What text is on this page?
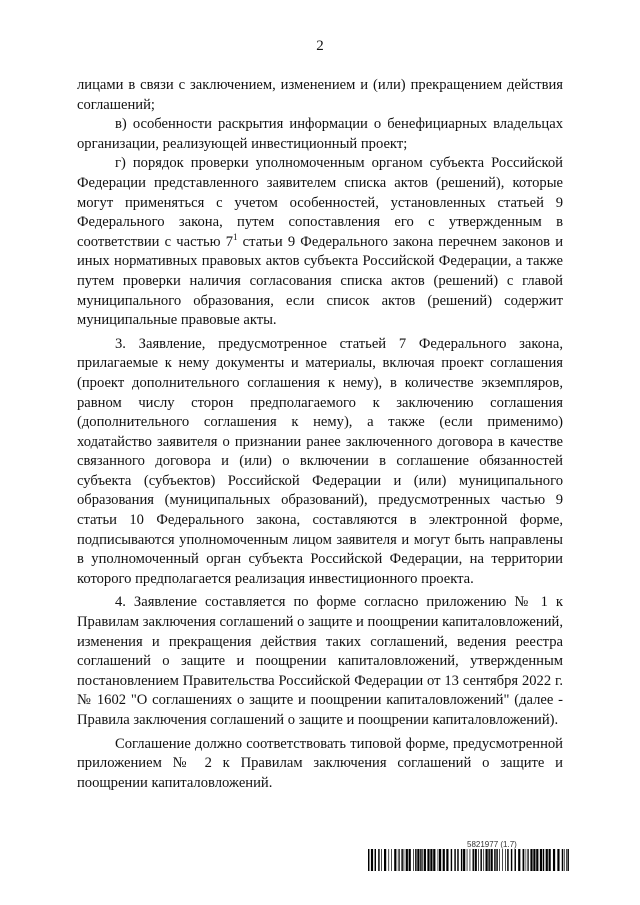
2

лицами в связи с заключением, изменением и (или) прекращением действия соглашений;

в) особенности раскрытия информации о бенефициарных владельцах организации, реализующей инвестиционный проект;

г) порядок проверки уполномоченным органом субъекта Российской Федерации представленного заявителем списка актов (решений), которые могут применяться с учетом особенностей, установленных статьей 9 Федерального закона, путем сопоставления его с утвержденным в соответствии с частью $7^1$ статьи 9 Федерального закона перечнем законов и иных нормативных правовых актов субъекта Российской Федерации, а также путем проверки наличия согласования списка актов (решений) с главой муниципального образования, если список актов (решений) содержит муниципальные правовые акты.

3. Заявление, предусмотренное статьей 7 Федерального закона, прилагаемые к нему документы и материалы, включая проект соглашения (проект дополнительного соглашения к нему), в количестве экземпляров, равном числу сторон предполагаемого к заключению соглашения (дополнительного соглашения к нему), а также (если применимо) ходатайство заявителя о признании ранее заключенного договора в качестве связанного договора и (или) о включении в соглашение обязанностей субъекта (субъектов) Российской Федерации и (или) муниципального образования (муниципальных образований), предусмотренных частью 9 статьи 10 Федерального закона, составляются в электронной форме, подписываются уполномоченным лицом заявителя и могут быть направлены в уполномоченный орган субъекта Российской Федерации, на территории которого предполагается реализация инвестиционного проекта.

4. Заявление составляется по форме согласно приложению № 1 к Правилам заключения соглашений о защите и поощрении капиталовложений, изменения и прекращения действия таких соглашений, ведения реестра соглашений о защите и поощрении капиталовложений, утвержденным постановлением Правительства Российской Федерации от 13 сентября 2022 г. № 1602 "О соглашениях о защите и поощрении капиталовложений" (далее - Правила заключения соглашений о защите и поощрении капиталовложений).

Соглашение должно соответствовать типовой форме, предусмотренной приложением № 2 к Правилам заключения соглашений о защите и поощрении капиталовложений.

5821977 (1.7)
